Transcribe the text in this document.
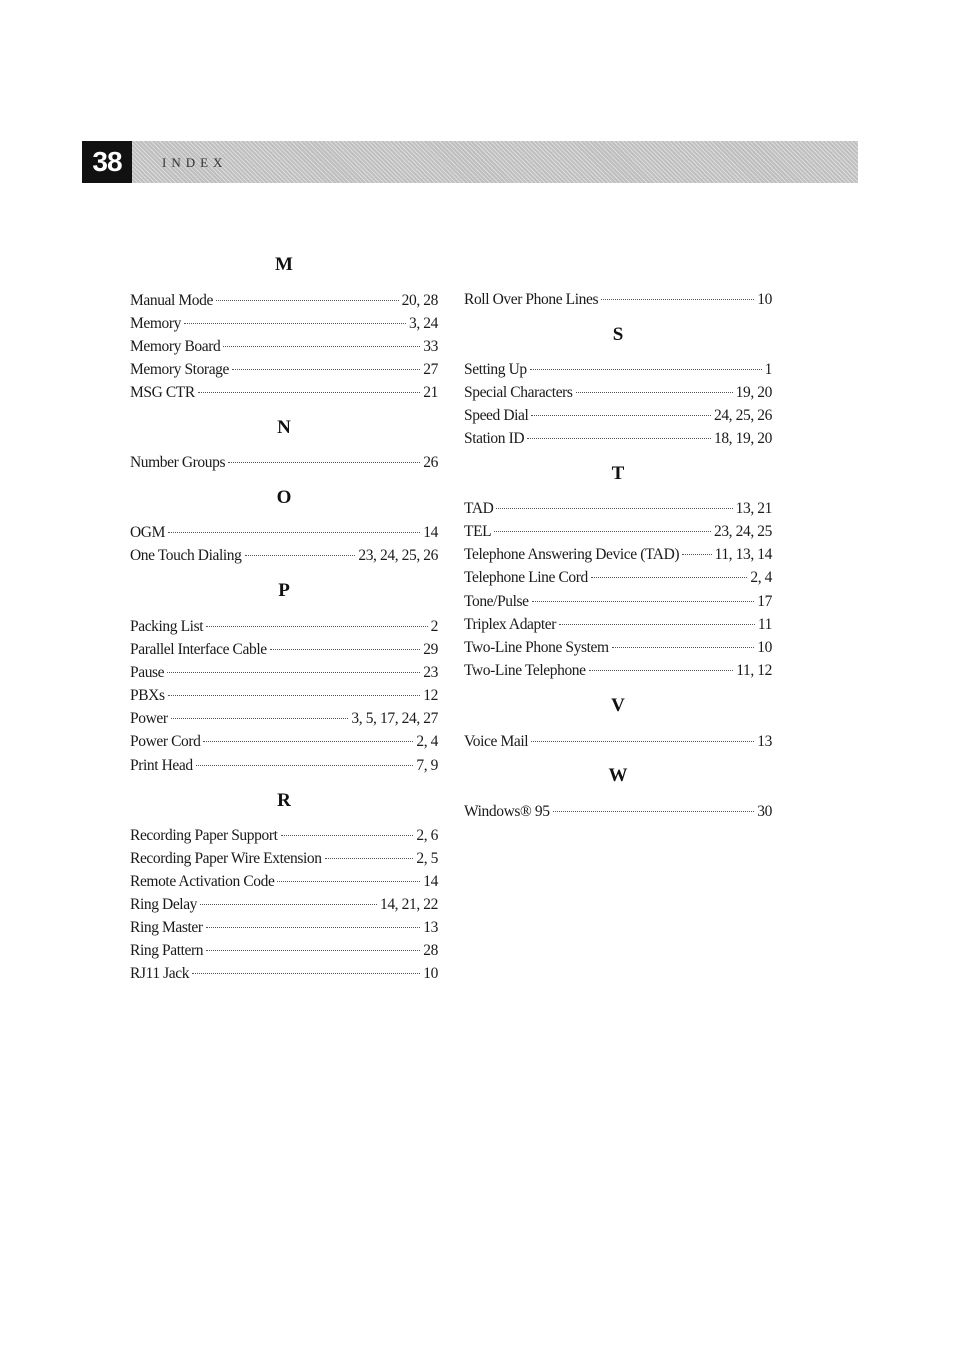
38	INDEX
M
Manual Mode	20, 28
Memory	3, 24
Memory Board	33
Memory Storage	27
MSG CTR	21
N
Number Groups	26
O
OGM	14
One Touch Dialing	23, 24, 25, 26
P
Packing List	2
Parallel Interface Cable	29
Pause	23
PBXs	12
Power	3, 5, 17, 24, 27
Power Cord	2, 4
Print Head	7, 9
R
Recording Paper Support	2, 6
Recording Paper Wire Extension	2, 5
Remote Activation Code	14
Ring Delay	14, 21, 22
Ring Master	13
Ring Pattern	28
RJ11 Jack	10
Roll Over Phone Lines	10
S
Setting Up	1
Special Characters	19, 20
Speed Dial	24, 25, 26
Station ID	18, 19, 20
T
TAD	13, 21
TEL	23, 24, 25
Telephone Answering Device (TAD) 11, 13, 14
Telephone Line Cord	2, 4
Tone/Pulse	17
Triplex Adapter	11
Two-Line Phone System	10
Two-Line Telephone	11, 12
V
Voice Mail	13
W
Windows® 95	30
